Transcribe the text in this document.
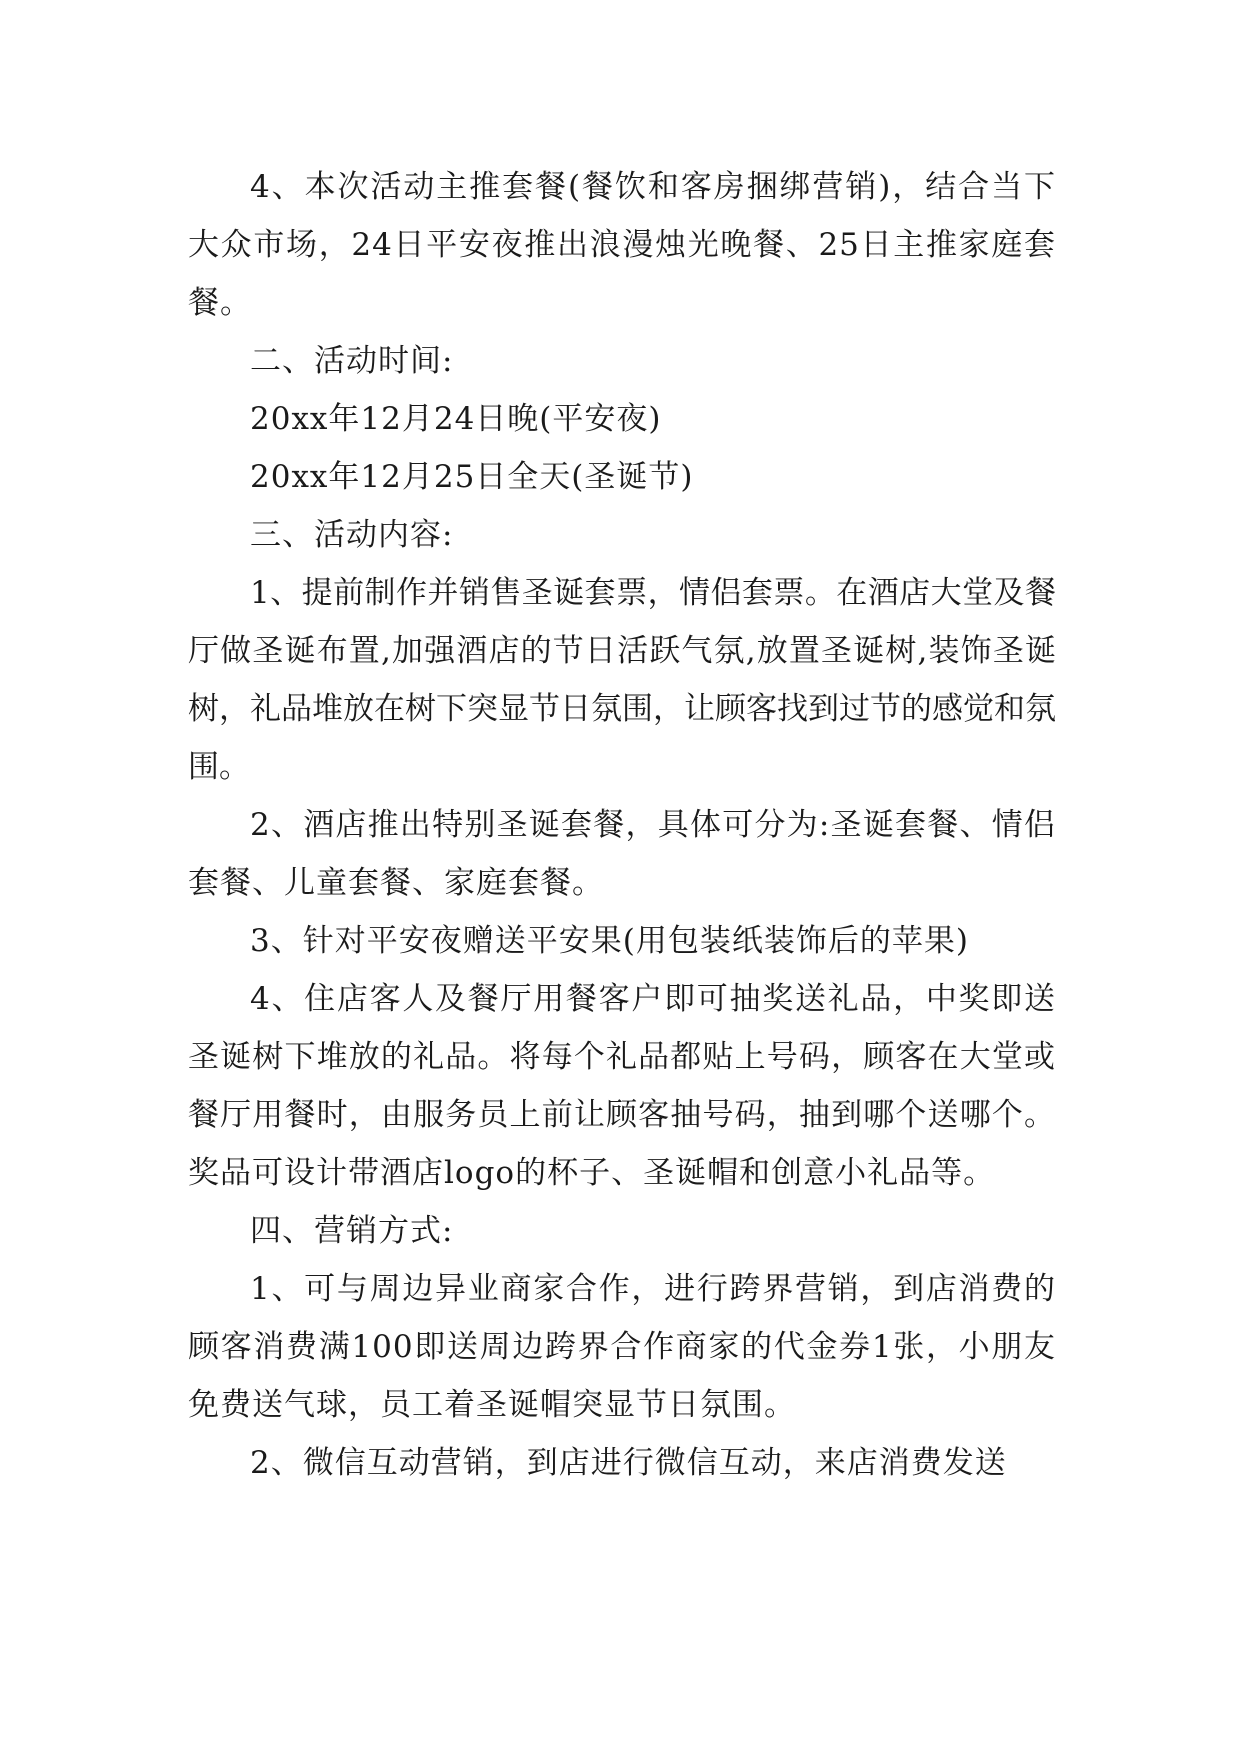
4、本次活动主推套餐(餐饮和客房捆绑营销)，结合当下大众市场，24日平安夜推出浪漫烛光晚餐、25日主推家庭套餐。

二、活动时间:

20xx年12月24日晚(平安夜)

20xx年12月25日全天(圣诞节)

三、活动内容:

1、提前制作并销售圣诞套票，情侣套票。在酒店大堂及餐厅做圣诞布置,加强酒店的节日活跃气氛,放置圣诞树,装饰圣诞树，礼品堆放在树下突显节日氛围，让顾客找到过节的感觉和氛围。

2、酒店推出特别圣诞套餐，具体可分为:圣诞套餐、情侣套餐、儿童套餐、家庭套餐。

3、针对平安夜赠送平安果(用包装纸装饰后的苹果)

4、住店客人及餐厅用餐客户即可抽奖送礼品，中奖即送圣诞树下堆放的礼品。将每个礼品都贴上号码，顾客在大堂或餐厅用餐时，由服务员上前让顾客抽号码，抽到哪个送哪个。奖品可设计带酒店logo的杯子、圣诞帽和创意小礼品等。

四、营销方式:

1、可与周边异业商家合作，进行跨界营销，到店消费的顾客消费满100即送周边跨界合作商家的代金券1张，小朋友免费送气球，员工着圣诞帽突显节日氛围。

2、微信互动营销，到店进行微信互动，来店消费发送
